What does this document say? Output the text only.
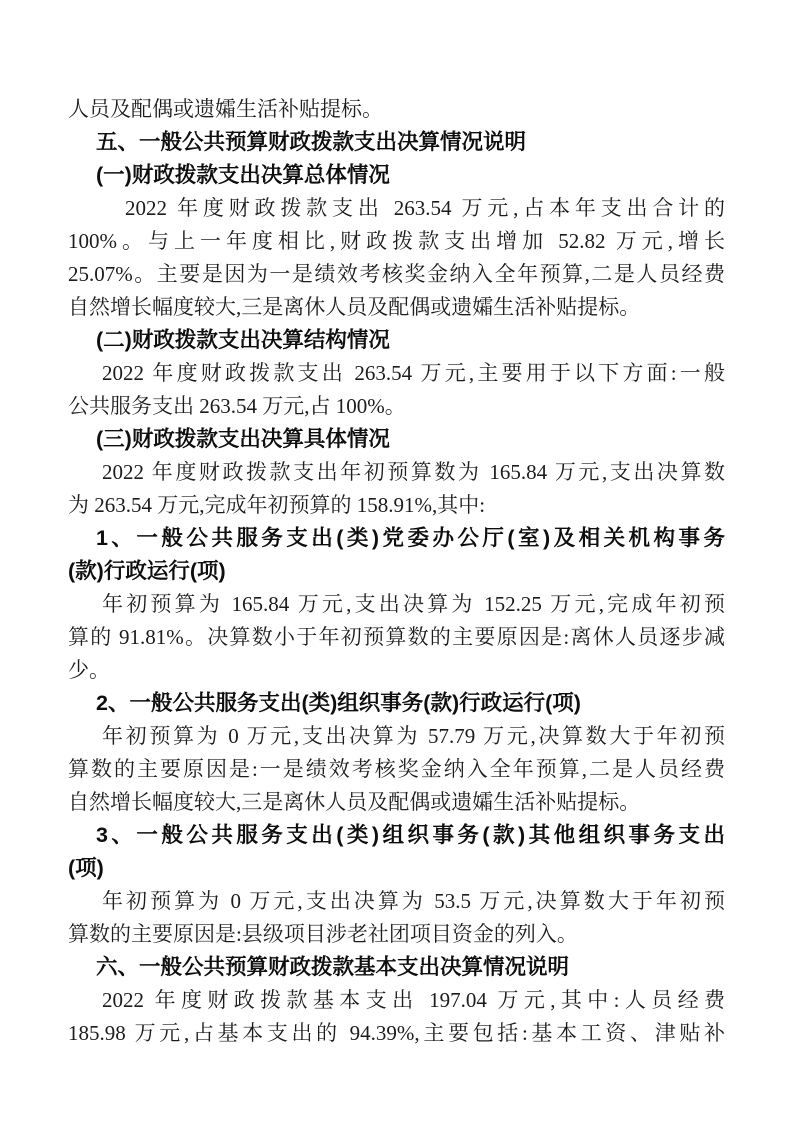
人员及配偶或遗孀生活补贴提标。
五、一般公共预算财政拨款支出决算情况说明
(一)财政拨款支出决算总体情况
2022 年度财政拨款支出 263.54 万元,占本年支出合计的
100%。与上一年度相比,财政拨款支出增加 52.82 万元,增长
25.07%。主要是因为一是绩效考核奖金纳入全年预算,二是人员经费
自然增长幅度较大,三是离休人员及配偶或遗孀生活补贴提标。
(二)财政拨款支出决算结构情况
2022 年度财政拨款支出 263.54 万元,主要用于以下方面:一般
公共服务支出 263.54 万元,占 100%。
(三)财政拨款支出决算具体情况
2022 年度财政拨款支出年初预算数为 165.84 万元,支出决算数
为 263.54 万元,完成年初预算的 158.91%,其中:
1、一般公共服务支出(类)党委办公厅(室)及相关机构事务
(款)行政运行(项)
年初预算为 165.84 万元,支出决算为 152.25 万元,完成年初预
算的 91.81%。决算数小于年初预算数的主要原因是:离休人员逐步减
少。
2、一般公共服务支出(类)组织事务(款)行政运行(项)
年初预算为 0 万元,支出决算为 57.79 万元,决算数大于年初预
算数的主要原因是:一是绩效考核奖金纳入全年预算,二是人员经费
自然增长幅度较大,三是离休人员及配偶或遗孀生活补贴提标。
3、一般公共服务支出(类)组织事务(款)其他组织事务支出
(项)
年初预算为 0 万元,支出决算为 53.5 万元,决算数大于年初预
算数的主要原因是:县级项目涉老社团项目资金的列入。
六、一般公共预算财政拨款基本支出决算情况说明
2022 年度财政拨款基本支出 197.04 万元,其中:人员经费
185.98 万元,占基本支出的 94.39%,主要包括:基本工资、津贴补
